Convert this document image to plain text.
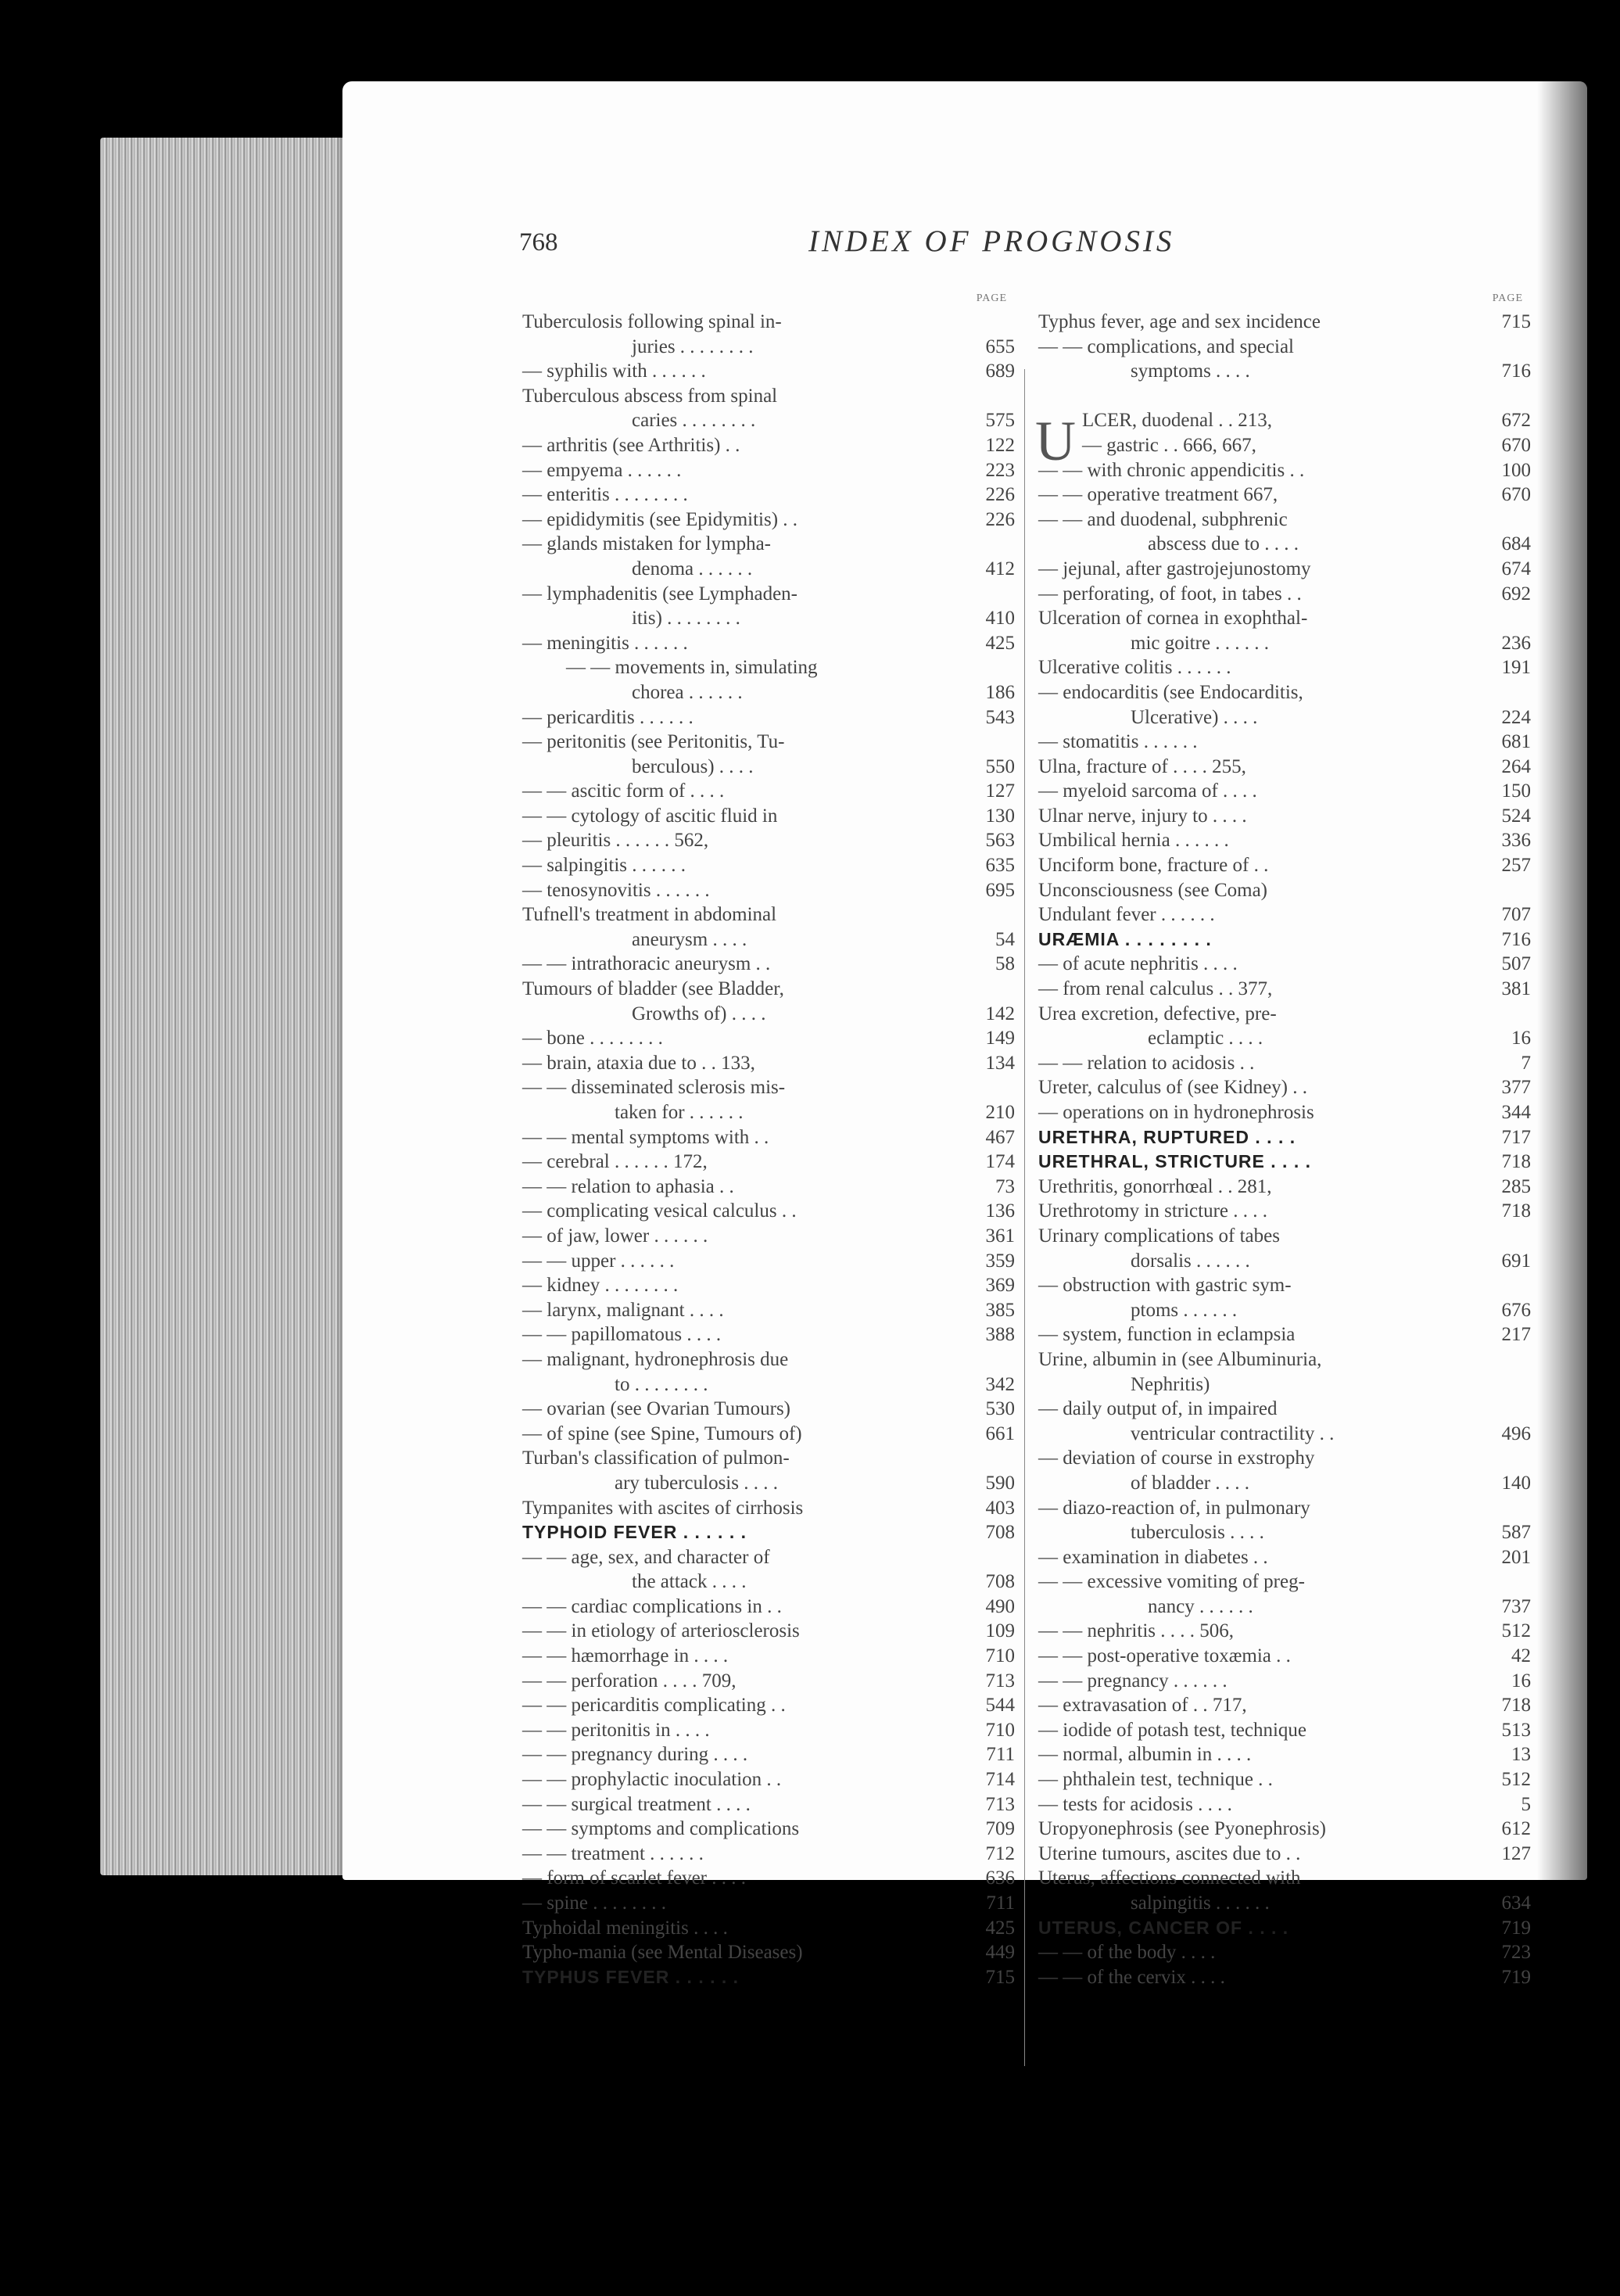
768	INDEX OF PROGNOSIS
PAGE
Tuberculosis following spinal in-
juries . . . . . . . .	655
— syphilis with . . . . . .	689
Tuberculous abscess from spinal
caries . . . . . . . .	575
— arthritis (see Arthritis) . .	122
— empyema . . . . . .	223
— enteritis . . . . . . . .	226
— epididymitis (see Epidymitis) . .	226
— glands mistaken for lympha-
denoma . . . . . .	412
— lymphadenitis (see Lymphaden-
itis) . . . . . . . .	410
— meningitis . . . . . .	425
— — movements in, simulating
chorea . . . . . .	186
— pericarditis . . . . . .	543
— peritonitis (see Peritonitis, Tu-
berculous) . . . .	550
— — ascitic form of . . . .	127
— — cytology of ascitic fluid in	130
— pleuritis . . . . . . 562,	563
— salpingitis . . . . . .	635
— tenosynovitis . . . . . .	695
Tufnell's treatment in abdominal
aneurysm . . . .	54
— — intrathoracic aneurysm . .	58
Tumours of bladder (see Bladder,
Growths of) . . . .	142
— bone . . . . . . . .	149
— brain, ataxia due to . . 133,	134
— — disseminated sclerosis mis-
taken for . . . . . .	210
— — mental symptoms with . .	467
— cerebral . . . . . . 172,	174
— — relation to aphasia . .	73
— complicating vesical calculus . .	136
— of jaw, lower . . . . . .	361
— — upper . . . . . .	359
— kidney . . . . . . . .	369
— larynx, malignant . . . .	385
— — papillomatous . . . .	388
— malignant, hydronephrosis due
to . . . . . . . .	342
— ovarian (see Ovarian Tumours)	530
— of spine (see Spine, Tumours of)	661
Turban's classification of pulmon-
ary tuberculosis . . . .	590
Tympanites with ascites of cirrhosis	403
TYPHOID FEVER . . . . . .	708
— — age, sex, and character of
the attack . . . .	708
— — cardiac complications in . .	490
— — in etiology of arteriosclerosis	109
— — hæmorrhage in . . . .	710
— — perforation . . . . 709,	713
— — pericarditis complicating . .	544
— — peritonitis in . . . .	710
— — pregnancy during . . . .	711
— — prophylactic inoculation . .	714
— — surgical treatment . . . .	713
— — symptoms and complications	709
— — treatment . . . . . .	712
— form of scarlet fever . . . .	636
— spine . . . . . . . .	711
Typhoidal meningitis . . . .	425
Typho-mania (see Mental Diseases)	449
TYPHUS FEVER . . . . . .	715
PAGE
Typhus fever, age and sex incidence	715
— — complications, and special
symptoms . . . .	716
U LCER, duodenal . . 213,	672
— gastric . . 666, 667,	670
— — with chronic appendicitis . .	100
— — operative treatment 667,	670
— — and duodenal, subphrenic
abscess due to . . . .	684
— jejunal, after gastrojejunostomy	674
— perforating, of foot, in tabes . .	692
Ulceration of cornea in exophthal-
mic goitre . . . . . .	236
Ulcerative colitis . . . . . .	191
— endocarditis (see Endocarditis,
Ulcerative) . . . .	224
— stomatitis . . . . . .	681
Ulna, fracture of . . . . 255,	264
— myeloid sarcoma of . . . .	150
Ulnar nerve, injury to . . . .	524
Umbilical hernia . . . . . .	336
Unciform bone, fracture of . .	257
Unconsciousness (see Coma)
Undulant fever . . . . . .	707
URÆMIA . . . . . . . .	716
— of acute nephritis . . . .	507
— from renal calculus . . 377,	381
Urea excretion, defective, pre-
eclamptic . . . .	16
— — relation to acidosis . .	7
Ureter, calculus of (see Kidney) . .	377
— operations on in hydronephrosis	344
URETHRA, RUPTURED . . . .	717
URETHRAL, STRICTURE . . . .	718
Urethritis, gonorrhœal . . 281,	285
Urethrotomy in stricture . . . .	718
Urinary complications of tabes
dorsalis . . . . . .	691
— obstruction with gastric sym-
ptoms . . . . . .	676
— system, function in eclampsia	217
Urine, albumin in (see Albuminuria,
Nephritis)
— daily output of, in impaired
ventricular contractility . .	496
— deviation of course in exstrophy
of bladder . . . .	140
— diazo-reaction of, in pulmonary
tuberculosis . . . .	587
— examination in diabetes . .	201
— — excessive vomiting of preg-
nancy . . . . . .	737
— — nephritis . . . . 506,	512
— — post-operative toxæmia . .	42
— — pregnancy . . . . . .	16
— extravasation of . . 717,	718
— iodide of potash test, technique	513
— normal, albumin in . . . .	13
— phthalein test, technique . .	512
— tests for acidosis . . . .	5
Uropyonephrosis (see Pyonephrosis)	612
Uterine tumours, ascites due to . .	127
Uterus, affections connected with
salpingitis . . . . . .	634
UTERUS, CANCER OF . . . .	719
— — of the body . . . .	723
— — of the cervix . . . .	719
